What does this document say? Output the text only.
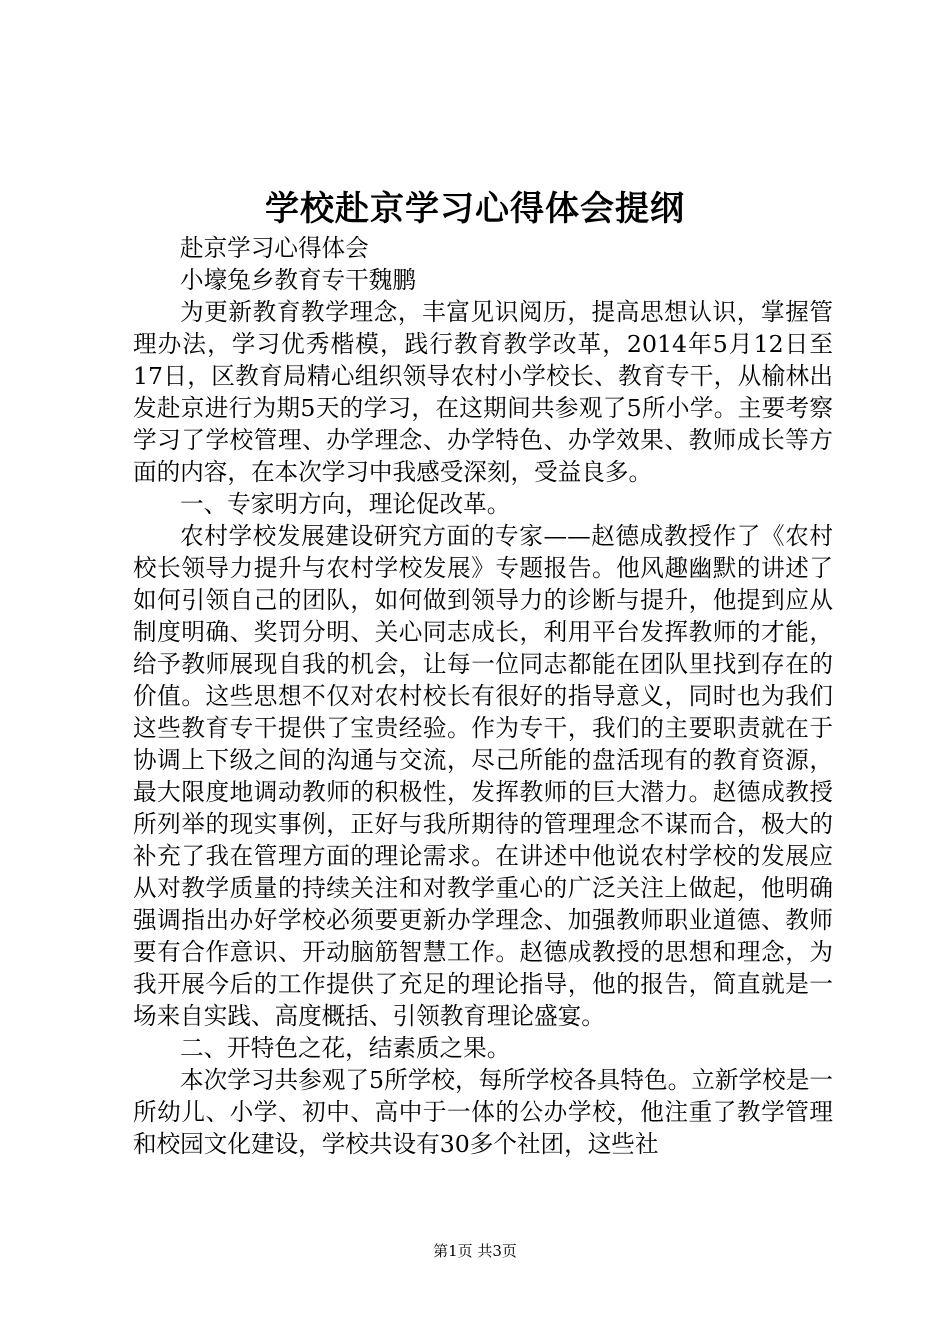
学校赴京学习心得体会提纲

赴京学习心得体会

小壕兔乡教育专干魏鹏

为更新教育教学理念，丰富见识阅历，提高思想认识，掌握管理办法，学习优秀楷模，践行教育教学改革，2014年5月12日至17日，区教育局精心组织领导农村小学校长、教育专干，从榆林出发赴京进行为期5天的学习，在这期间共参观了5所小学。主要考察学习了学校管理、办学理念、办学特色、办学效果、教师成长等方面的内容，在本次学习中我感受深刻，受益良多。

一、专家明方向，理论促改革。

农村学校发展建设研究方面的专家——赵德成教授作了《农村校长领导力提升与农村学校发展》专题报告。他风趣幽默的讲述了如何引领自己的团队，如何做到领导力的诊断与提升，他提到应从制度明确、奖罚分明、关心同志成长，利用平台发挥教师的才能，给予教师展现自我的机会，让每一位同志都能在团队里找到存在的价值。这些思想不仅对农村校长有很好的指导意义，同时也为我们这些教育专干提供了宝贵经验。作为专干，我们的主要职责就在于协调上下级之间的沟通与交流，尽己所能的盘活现有的教育资源，最大限度地调动教师的积极性，发挥教师的巨大潜力。赵德成教授所列举的现实事例，正好与我所期待的管理理念不谋而合，极大的补充了我在管理方面的理论需求。在讲述中他说农村学校的发展应从对教学质量的持续关注和对教学重心的广泛关注上做起，他明确强调指出办好学校必须要更新办学理念、加强教师职业道德、教师要有合作意识、开动脑筋智慧工作。赵德成教授的思想和理念，为我开展今后的工作提供了充足的理论指导，他的报告，简直就是一场来自实践、高度概括、引领教育理论盛宴。

二、开特色之花，结素质之果。

本次学习共参观了5所学校，每所学校各具特色。立新学校是一所幼儿、小学、初中、高中于一体的公办学校，他注重了教学管理和校园文化建设，学校共设有30多个社团，这些社

第1页 共3页
